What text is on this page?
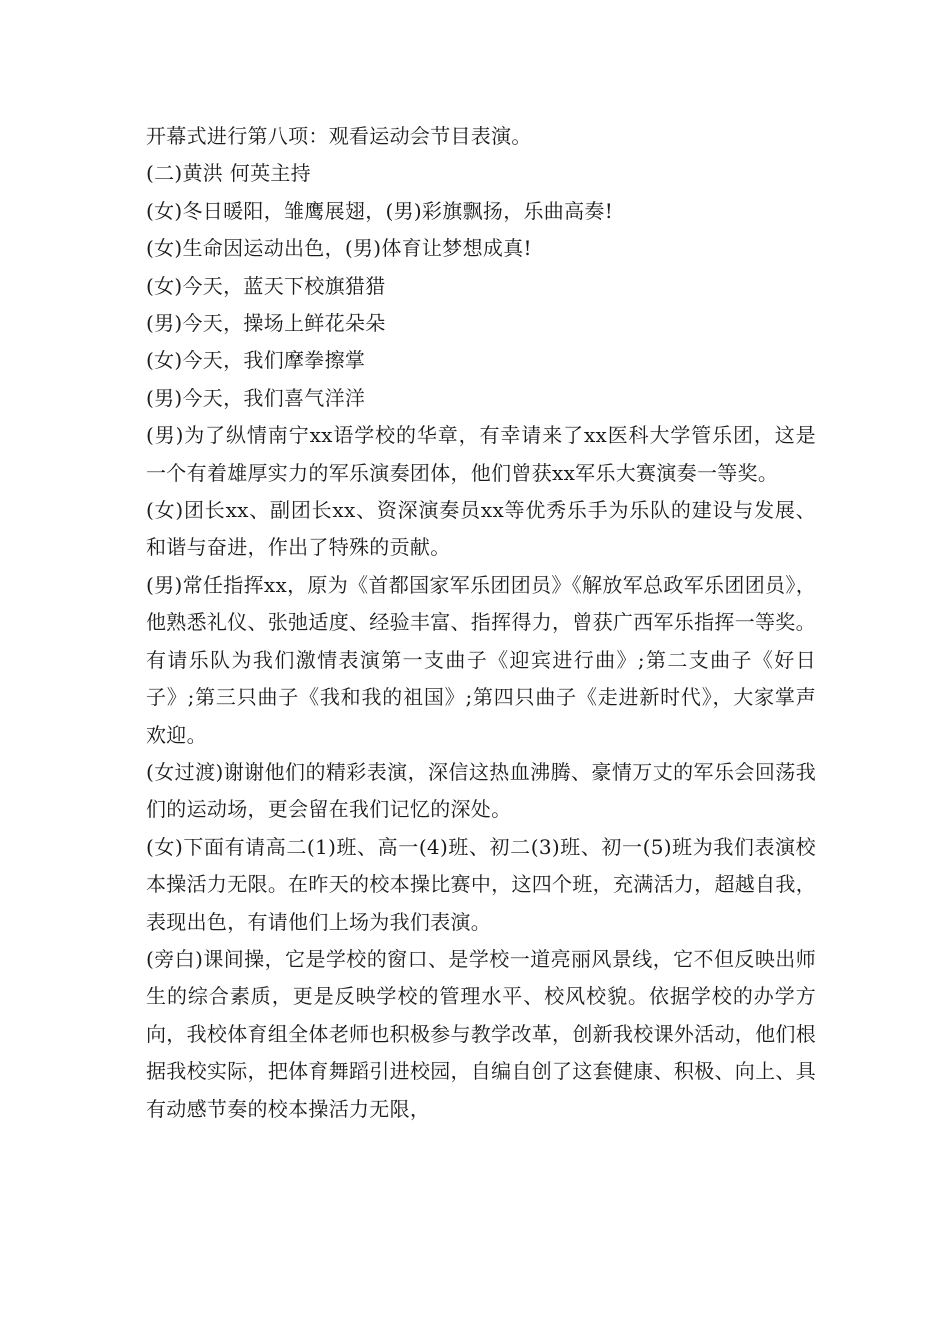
开幕式进行第八项：观看运动会节目表演。

(二)黄洪 何英主持

(女)冬日暖阳，雏鹰展翅，(男)彩旗飘扬，乐曲高奏!

(女)生命因运动出色，(男)体育让梦想成真!

(女)今天，蓝天下校旗猎猎

(男)今天，操场上鲜花朵朵

(女)今天，我们摩拳擦掌

(男)今天，我们喜气洋洋

(男)为了纵情南宁xx语学校的华章，有幸请来了xx医科大学管乐团，这是一个有着雄厚实力的军乐演奏团体，他们曾获xx军乐大赛演奏一等奖。

(女)团长xx、副团长xx、资深演奏员xx等优秀乐手为乐队的建设与发展、和谐与奋进，作出了特殊的贡献。

(男)常任指挥xx，原为《首都国家军乐团团员》《解放军总政军乐团团员》，他熟悉礼仪、张弛适度、经验丰富、指挥得力，曾获广西军乐指挥一等奖。

有请乐队为我们激情表演第一支曲子《迎宾进行曲》;第二支曲子《好日子》;第三只曲子《我和我的祖国》;第四只曲子《走进新时代》，大家掌声欢迎。

(女过渡)谢谢他们的精彩表演，深信这热血沸腾、豪情万丈的军乐会回荡我们的运动场，更会留在我们记忆的深处。

(女)下面有请高二(1)班、高一(4)班、初二(3)班、初一(5)班为我们表演校本操活力无限。在昨天的校本操比赛中，这四个班，充满活力，超越自我，表现出色，有请他们上场为我们表演。

(旁白)课间操，它是学校的窗口、是学校一道亮丽风景线，它不但反映出师生的综合素质，更是反映学校的管理水平、校风校貌。依据学校的办学方向，我校体育组全体老师也积极参与教学改革，创新我校课外活动，他们根据我校实际，把体育舞蹈引进校园，自编自创了这套健康、积极、向上、具有动感节奏的校本操活力无限，
